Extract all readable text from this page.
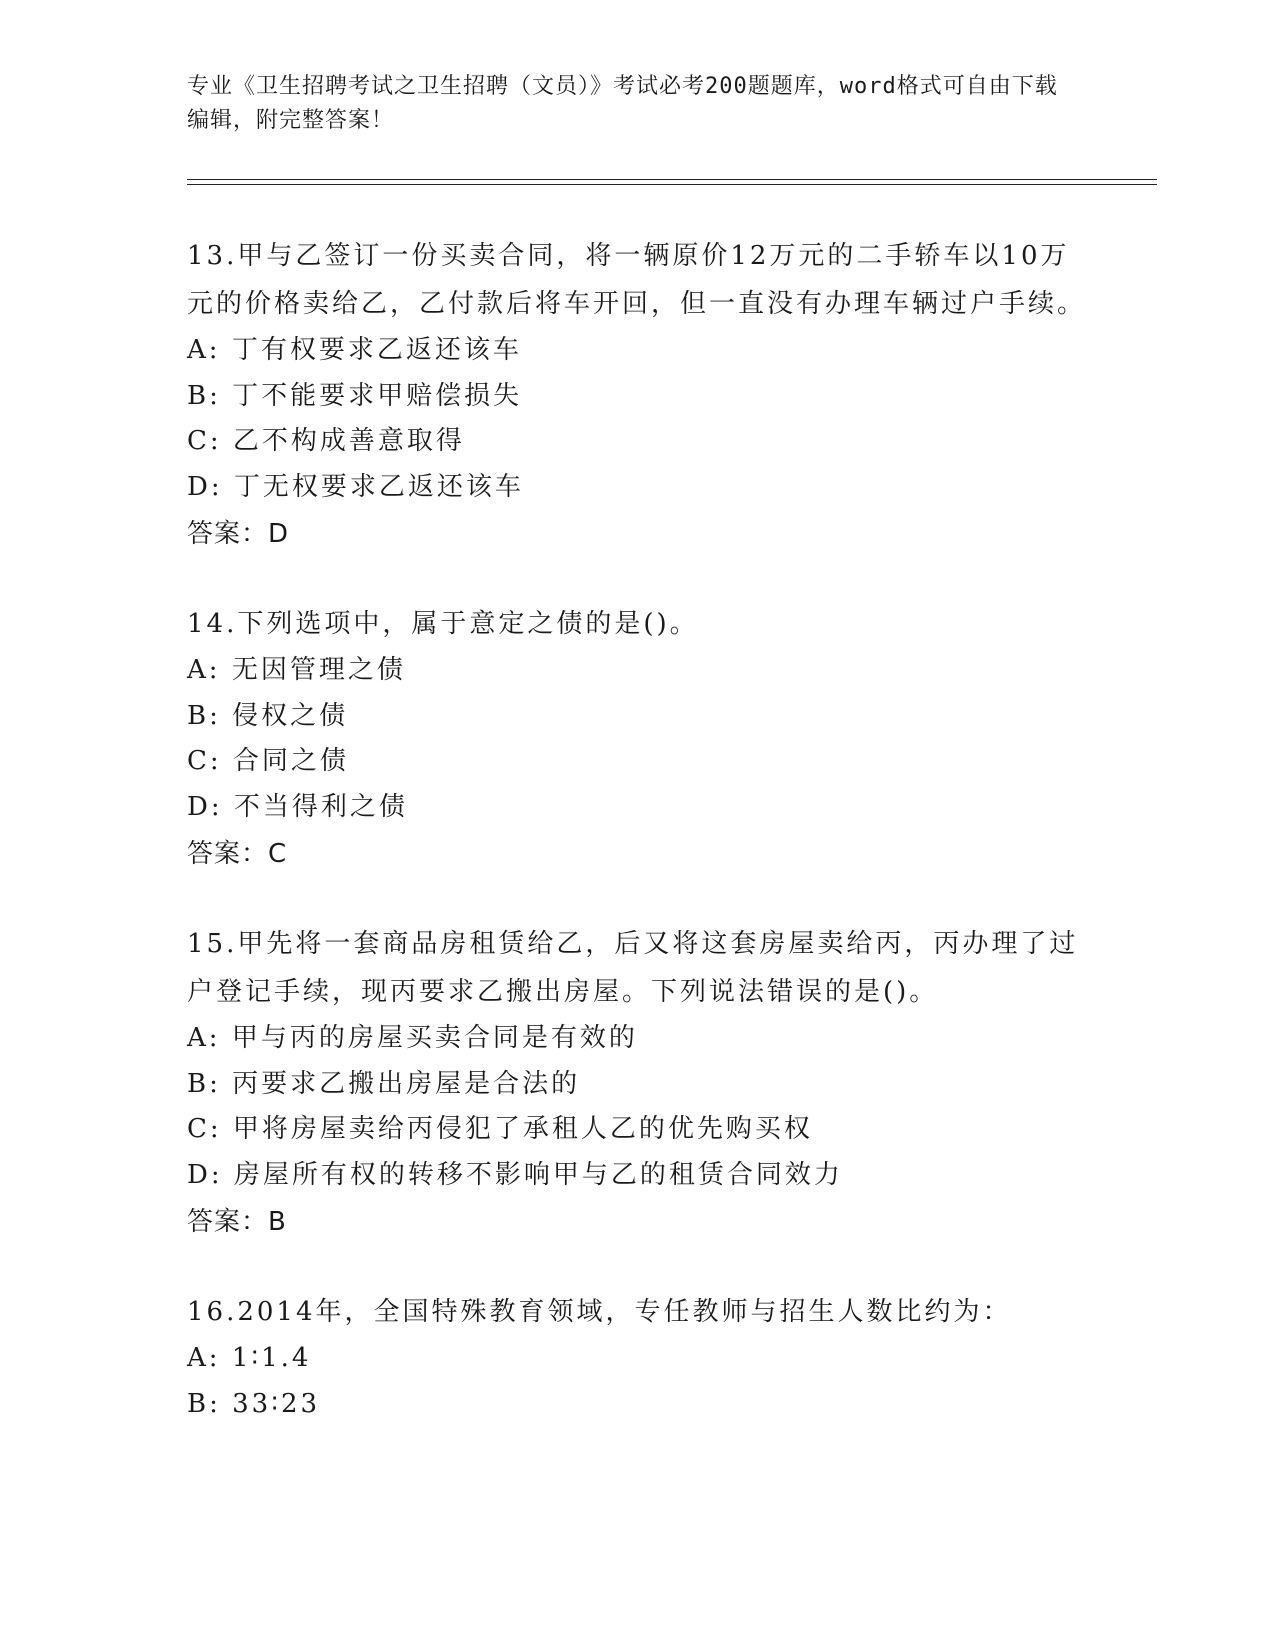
专业《卫生招聘考试之卫生招聘（文员）》考试必考200题题库，word格式可自由下载编辑，附完整答案！
13.甲与乙签订一份买卖合同，将一辆原价12万元的二手轿车以10万元的价格卖给乙，乙付款后将车开回，但一直没有办理车辆过户手续。
A: 丁有权要求乙返还该车
B: 丁不能要求甲赔偿损失
C: 乙不构成善意取得
D: 丁无权要求乙返还该车
答案：D
14.下列选项中，属于意定之债的是()。
A: 无因管理之债
B: 侵权之债
C: 合同之债
D: 不当得利之债
答案：C
15.甲先将一套商品房租赁给乙，后又将这套房屋卖给丙，丙办理了过户登记手续，现丙要求乙搬出房屋。下列说法错误的是()。
A: 甲与丙的房屋买卖合同是有效的
B: 丙要求乙搬出房屋是合法的
C: 甲将房屋卖给丙侵犯了承租人乙的优先购买权
D: 房屋所有权的转移不影响甲与乙的租赁合同效力
答案：B
16.2014年，全国特殊教育领域，专任教师与招生人数比约为：
A: 1∶1.4
B: 33∶23
